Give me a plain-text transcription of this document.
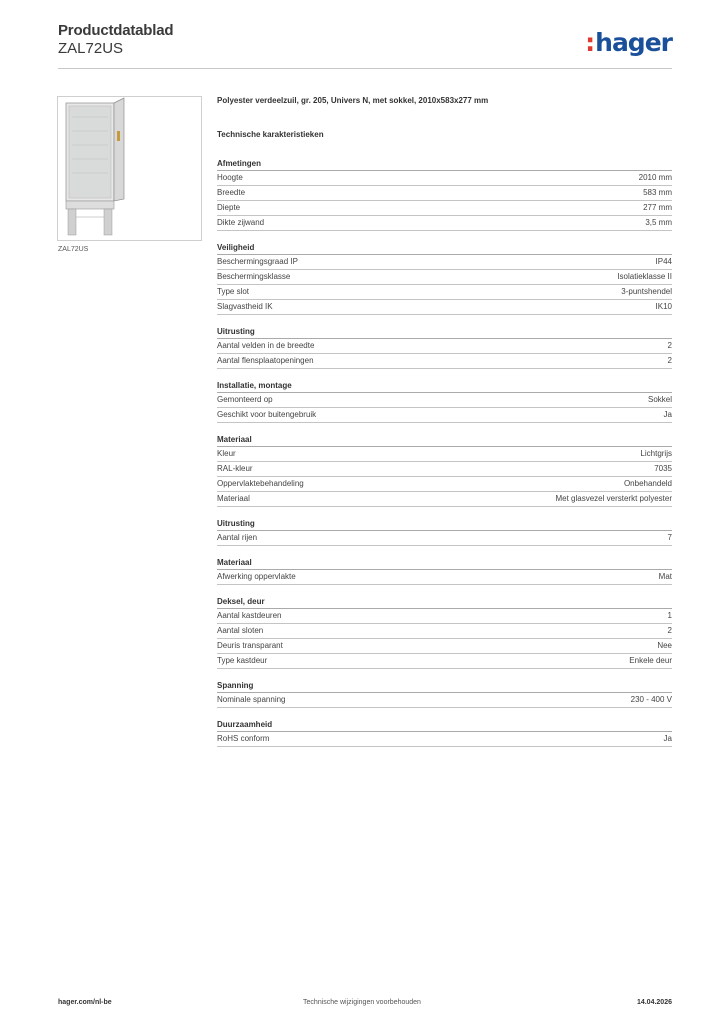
Productdatablad
ZAL72US	:hager
ZAL72US

Polyester verdeelzuil, gr. 205, Univers N, met sokkel, 2010x583x277 mm

Technische karakteristieken

Afmetingen
Hoogte	2010 mm
Breedte	583 mm
Diepte	277 mm
Dikte zijwand	3,5 mm
Veiligheid
Beschermingsgraad IP	IP44
Beschermingsklasse	Isolatieklasse II
Type slot	3-puntshendel
Slagvastheid IK	IK10
Uitrusting
Aantal velden in de breedte	2
Aantal flensplaatopeningen	2
Installatie, montage
Gemonteerd op	Sokkel
Geschikt voor buitengebruik	Ja
Materiaal
Kleur	Lichtgrijs
RAL-kleur	7035
Oppervlaktebehandeling	Onbehandeld
Materiaal	Met glasvezel versterkt polyester
Uitrusting
Aantal rijen	7
Materiaal
Afwerking oppervlakte	Mat
Deksel, deur
Aantal kastdeuren	1
Aantal sloten	2
Deuris transparant	Nee
Type kastdeur	Enkele deur
Spanning
Nominale spanning	230 - 400 V
Duurzaamheid
RoHS conform	Ja
hager.com/nl-be	Technische wijzigingen voorbehouden	14.04.2026
